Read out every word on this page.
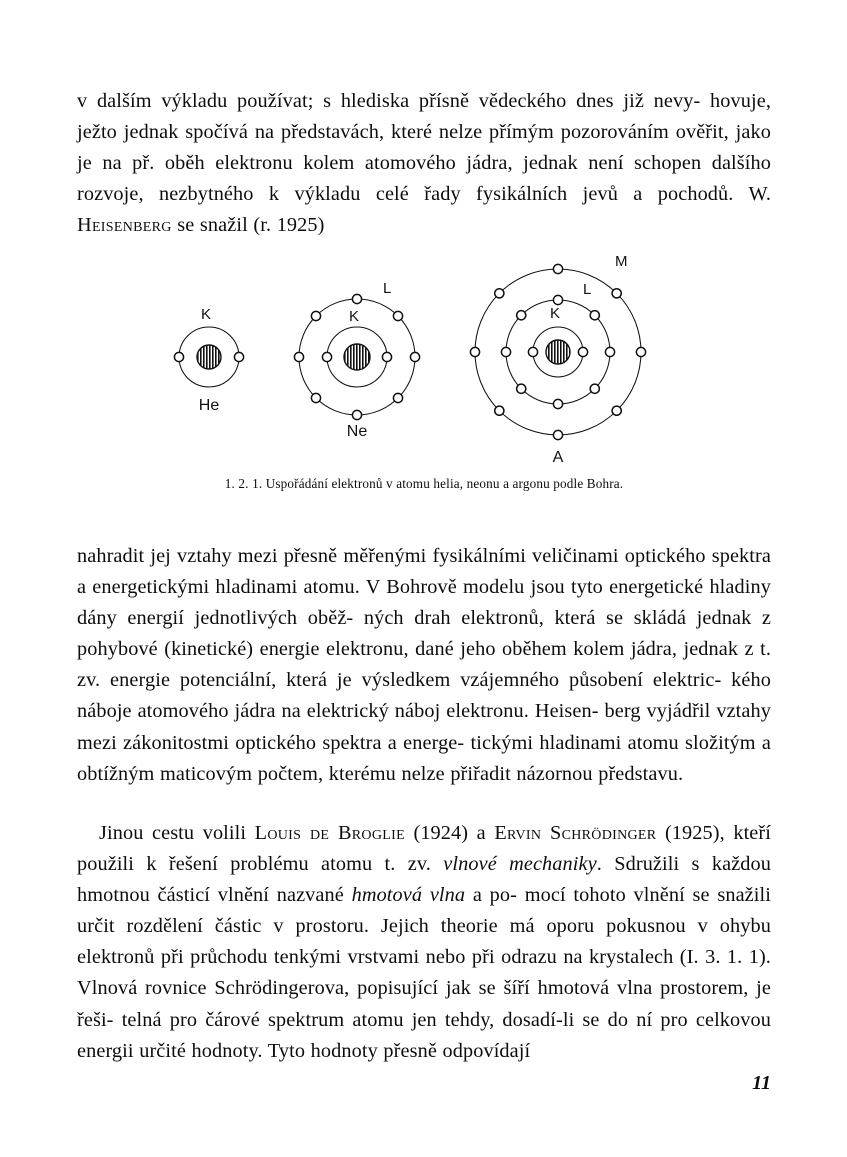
v dalším výkladu používat; s hlediska přísně vědeckého dnes již nevy- hovuje, ježto jednak spočívá na představách, které nelze přímým pozorováním ověřit, jako je na př. oběh elektronu kolem atomového jádra, jednak není schopen dalšího rozvoje, nezbytného k výkladu celé řady fysikálních jevů a pochodů. W. Heisenberg se snažil (r. 1925)

K
He
K
L
Ne
K
L
M
A
1. 2. 1. Uspořádání elektronů v atomu helia, neonu a argonu podle Bohra.

nahradit jej vztahy mezi přesně měřenými fysikálními veličinami optického spektra a energetickými hladinami atomu. V Bohrově modelu jsou tyto energetické hladiny dány energií jednotlivých oběž- ných drah elektronů, která se skládá jednak z pohybové (kinetické) energie elektronu, dané jeho oběhem kolem jádra, jednak z t. zv. energie potenciální, která je výsledkem vzájemného působení elektric- kého náboje atomového jádra na elektrický náboj elektronu. Heisen- berg vyjádřil vztahy mezi zákonitostmi optického spektra a energe- tickými hladinami atomu složitým a obtížným maticovým počtem, kterému nelze přiřadit názornou představu.

Jinou cestu volili Louis de Broglie (1924) a Ervin Schrödinger (1925), kteří použili k řešení problému atomu t. zv. vlnové mechaniky. Sdružili s každou hmotnou částicí vlnění nazvané hmotová vlna a po- mocí tohoto vlnění se snažili určit rozdělení částic v prostoru. Jejich theorie má oporu pokusnou v ohybu elektronů při průchodu tenkými vrstvami nebo při odrazu na krystalech (I. 3. 1. 1). Vlnová rovnice Schrödingerova, popisující jak se šíří hmotová vlna prostorem, je řeši- telná pro čárové spektrum atomu jen tehdy, dosadí-li se do ní pro celkovou energii určité hodnoty. Tyto hodnoty přesně odpovídají

11
